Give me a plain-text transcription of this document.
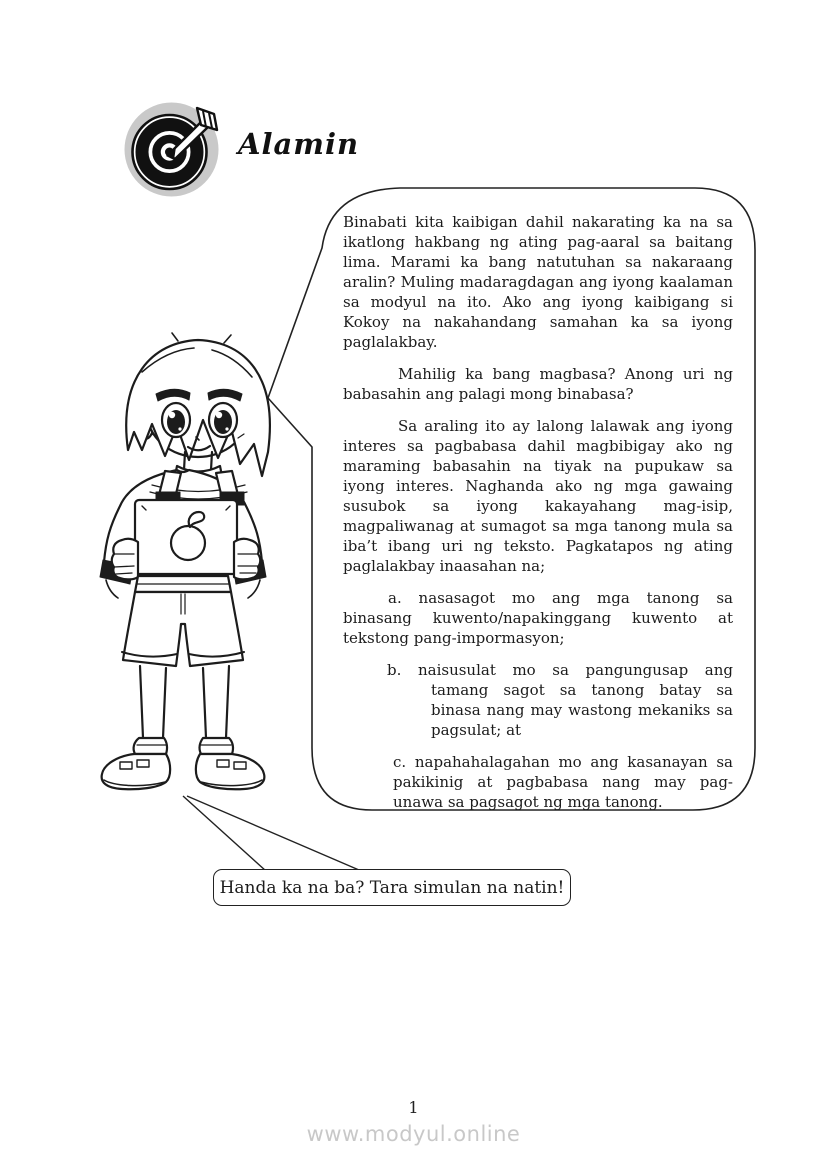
Alamin

Binabati kita kaibigan dahil nakarating ka na sa ikatlong hakbang ng ating pag-aaral sa baitang lima. Marami ka bang natutuhan sa nakaraang aralin? Muling madaragdagan ang iyong kaalaman sa modyul na ito. Ako ang iyong kaibigang si Kokoy na nakahandang samahan ka sa iyong paglalakbay.

Mahilig ka bang magbasa? Anong uri ng babasahin ang palagi mong binabasa?

Sa araling ito ay lalong lalawak ang iyong interes sa pagbabasa dahil magbibigay ako ng maraming babasahin na tiyak na pupukaw sa iyong interes. Naghanda ako ng mga gawaing susubok sa iyong kakayahang mag-isip, magpaliwanag at sumagot sa mga tanong mula sa iba’t ibang uri ng teksto. Pagkatapos ng ating paglalakbay inaasahan na;

a. nasasagot mo ang mga tanong sa binasang kuwento/napakinggang kuwento at tekstong pang-impormasyon;

b. naisusulat mo sa pangungusap ang tamang sagot sa tanong batay sa binasa nang may wastong mekaniks sa pagsulat; at

c. napahahalagahan mo ang kasanayan sa pakikinig at pagbabasa nang may pag-unawa sa pagsagot ng mga tanong.

Handa ka na ba? Tara simulan na natin!
1
www.modyul.online
